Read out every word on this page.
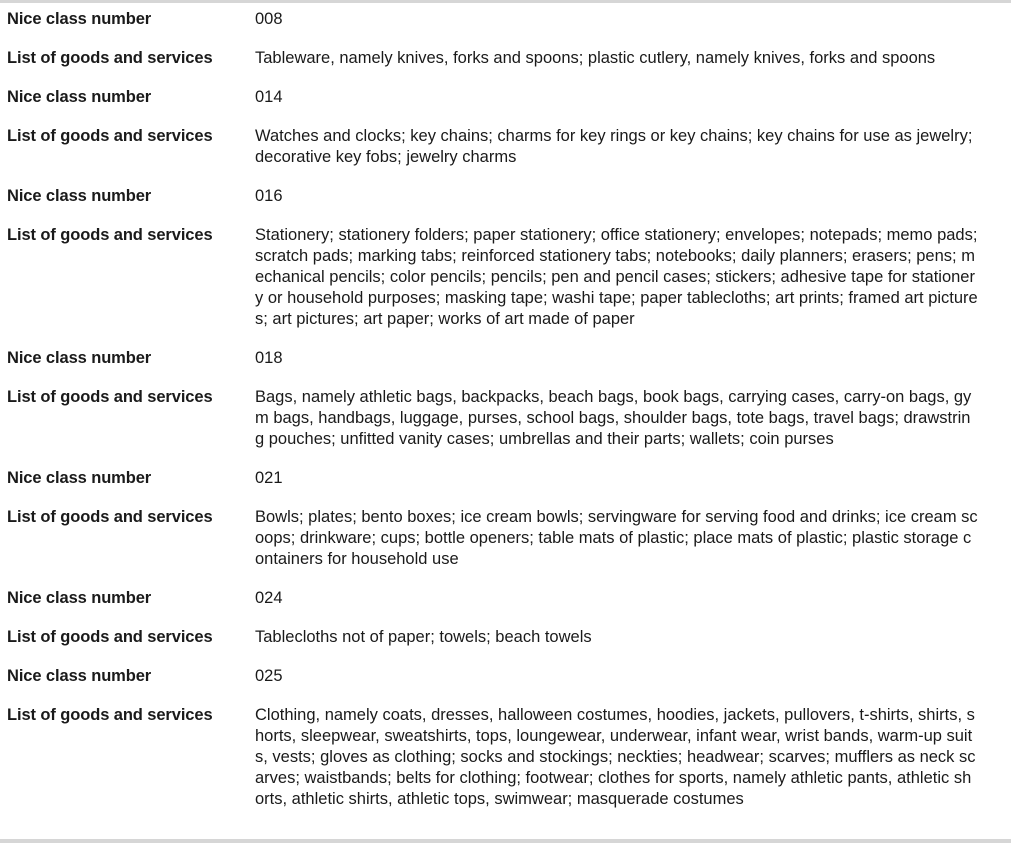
Nice class number	008
List of goods and services	Tableware, namely knives, forks and spoons; plastic cutlery, namely knives, forks and spoons
Nice class number	014
List of goods and services	Watches and clocks; key chains; charms for key rings or key chains; key chains for use as jewelry; decorative key fobs; jewelry charms
Nice class number	016
List of goods and services	Stationery; stationery folders; paper stationery; office stationery; envelopes; notepads; memo pads; scratch pads; marking tabs; reinforced stationery tabs; notebooks; daily planners; erasers; pens; mechanical pencils; color pencils; pencils; pen and pencil cases; stickers; adhesive tape for stationery or household purposes; masking tape; washi tape; paper tablecloths; art prints; framed art pictures; art pictures; art paper; works of art made of paper
Nice class number	018
List of goods and services	Bags, namely athletic bags, backpacks, beach bags, book bags, carrying cases, carry-on bags, gym bags, handbags, luggage, purses, school bags, shoulder bags, tote bags, travel bags; drawstring pouches; unfitted vanity cases; umbrellas and their parts; wallets; coin purses
Nice class number	021
List of goods and services	Bowls; plates; bento boxes; ice cream bowls; servingware for serving food and drinks; ice cream scoops; drinkware; cups; bottle openers; table mats of plastic; place mats of plastic; plastic storage containers for household use
Nice class number	024
List of goods and services	Tablecloths not of paper; towels; beach towels
Nice class number	025
List of goods and services	Clothing, namely coats, dresses, halloween costumes, hoodies, jackets, pullovers, t-shirts, shirts, shorts, sleepwear, sweatshirts, tops, loungewear, underwear, infant wear, wrist bands, warm-up suits, vests; gloves as clothing; socks and stockings; neckties; headwear; scarves; mufflers as neck scarves; waistbands; belts for clothing; footwear; clothes for sports, namely athletic pants, athletic shorts, athletic shirts, athletic tops, swimwear; masquerade costumes
